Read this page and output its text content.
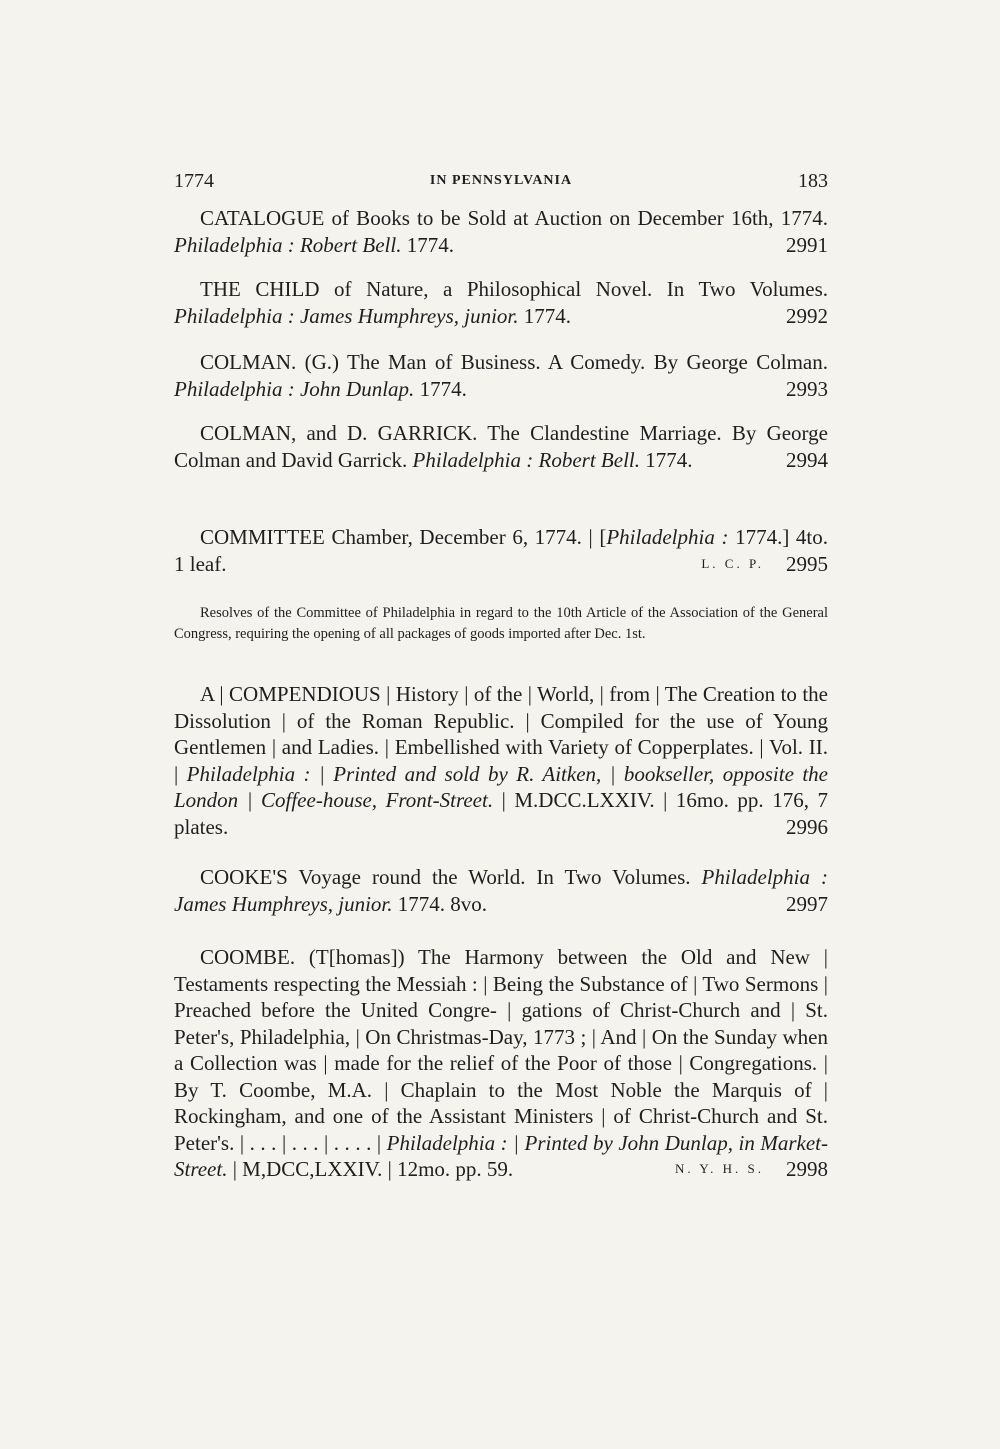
1774	IN PENNSYLVANIA	183

CATALOGUE of Books to be Sold at Auction on December 16th, 1774. Philadelphia : Robert Bell. 1774.	2991

THE CHILD of Nature, a Philosophical Novel. In Two Volumes. Philadelphia : James Humphreys, junior. 1774.	2992

COLMAN. (G.) The Man of Business. A Comedy. By George Colman. Philadelphia : John Dunlap. 1774.	2993

COLMAN, and D. GARRICK. The Clandestine Marriage. By George Colman and David Garrick. Philadelphia : Robert Bell. 1774.	2994

COMMITTEE Chamber, December 6, 1774. | [Philadelphia : 1774.] 4to. 1 leaf.	2995
L. C. P.

Resolves of the Committee of Philadelphia in regard to the 10th Article of the Association of the General Congress, requiring the opening of all packages of goods imported after Dec. 1st.

A | COMPENDIOUS | History | of the | World, | from | The Creation to the Dissolution | of the Roman Republic. | Compiled for the use of Young Gentlemen | and Ladies. | Embellished with Variety of Copperplates. | Vol. II. | Philadelphia : | Printed and sold by R. Aitken, | bookseller, opposite the London | Coffee-house, Front-Street. | M.DCC.LXXIV. | 16mo. pp. 176, 7 plates.	2996

COOKE'S Voyage round the World. In Two Volumes. Philadelphia : James Humphreys, junior. 1774. 8vo.	2997

COOMBE. (T[homas]) The Harmony between the Old and New | Testaments respecting the Messiah : | Being the Substance of | Two Sermons | Preached before the United Congre- | gations of Christ-Church and | St. Peter's, Philadelphia, | On Christmas-Day, 1773 ; | And | On the Sunday when a Collection was | made for the relief of the Poor of those | Congregations. | By T. Coombe, M.A. | Chaplain to the Most Noble the Marquis of | Rockingham, and one of the Assistant Ministers | of Christ-Church and St. Peter's. | . . . | . . . | . . . . | Philadelphia : | Printed by John Dunlap, in Market-Street. | M,DCC,LXXIV. | 12mo. pp. 59.	2998
N. Y. H. S.
